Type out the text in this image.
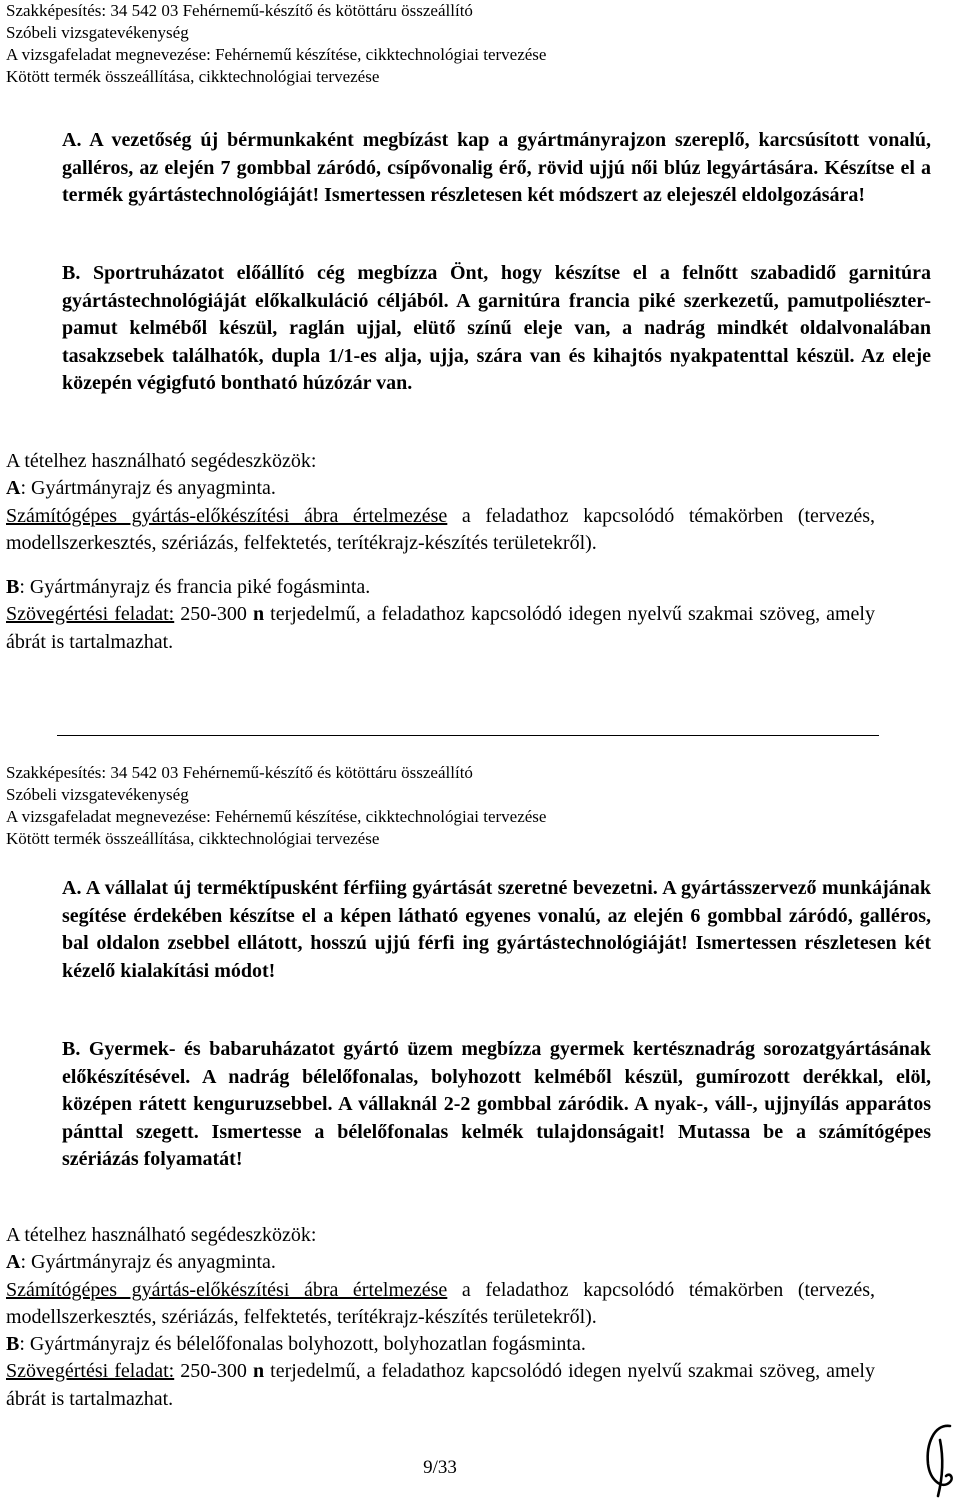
Szakképesítés: 34 542 03 Fehérnemű-készítő és kötöttáru összeállító
Szóbeli vizsgatevékenység
A vizsgafeladat megnevezése: Fehérnemű készítése, cikktechnológiai tervezése
Kötött termék összeállítása, cikktechnológiai tervezése
A. A vezetőség új bérmunkaként megbízást kap a gyártmányrajzon szereplő, karcsúsított vonalú, galléros, az elején 7 gombbal záródó, csípővonalig érő, rövid ujjú női blúz legyártására. Készítse el a termék gyártástechnológiáját! Ismertessen részletesen két módszert az elejeszél eldolgozására!
B. Sportruházatot előállító cég megbízza Önt, hogy készítse el a felnőtt szabadidő garnitúra gyártástechnológiáját előkalkuláció céljából. A garnitúra francia piké szerkezetű, pamutpoliészter-pamut kelméből készül, raglán ujjal, elütő színű eleje van, a nadrág mindkét oldalvonalában tasakzsebek találhatók, dupla 1/1-es alja, ujja, szára van és kihajtós nyakpatenttal készül. Az eleje közepén végigfutó bontható húzózár van.
A tételhez használható segédeszközök:
A: Gyártmányrajz és anyagminta.
Számítógépes gyártás-előkészítési ábra értelmezése a feladathoz kapcsolódó témakörben (tervezés, modellszerkesztés, szériázás, felfektetés, terítékrajz-készítés területekről).
B: Gyártmányrajz és francia piké fogásminta.
Szövegértési feladat: 250-300 n terjedelmű, a feladathoz kapcsolódó idegen nyelvű szakmai szöveg, amely ábrát is tartalmazhat.
Szakképesítés: 34 542 03 Fehérnemű-készítő és kötöttáru összeállító
Szóbeli vizsgatevékenység
A vizsgafeladat megnevezése: Fehérnemű készítése, cikktechnológiai tervezése
Kötött termék összeállítása, cikktechnológiai tervezése
A. A vállalat új terméktípusként férfiing gyártását szeretné bevezetni. A gyártásszervező munkájának segítése érdekében készítse el a képen látható egyenes vonalú, az elején 6 gombbal záródó, galléros, bal oldalon zsebbel ellátott, hosszú ujjú férfi ing gyártástechnológiáját! Ismertessen részletesen két kézelő kialakítási módot!
B. Gyermek- és babaruházatot gyártó üzem megbízza gyermek kertésznadrág sorozatgyártásának előkészítésével. A nadrág bélelőfonalas, bolyhozott kelméből készül, gumírozott derékkal, elöl, középen rátett kenguruzsebbel. A vállaknál 2-2 gombbal záródik. A nyak-, váll-, ujjnyílás apparátos pánttal szegett. Ismertesse a bélelőfonalas kelmék tulajdonságait! Mutassa be a számítógépes szériázás folyamatát!
A tételhez használható segédeszközök:
A: Gyártmányrajz és anyagminta.
Számítógépes gyártás-előkészítési ábra értelmezése a feladathoz kapcsolódó témakörben (tervezés, modellszerkesztés, szériázás, felfektetés, terítékrajz-készítés területekről).
B: Gyártmányrajz és bélelőfonalas bolyhozott, bolyhozatlan fogásminta.
Szövegértési feladat: 250-300 n terjedelmű, a feladathoz kapcsolódó idegen nyelvű szakmai szöveg, amely ábrát is tartalmazhat.
9/33
